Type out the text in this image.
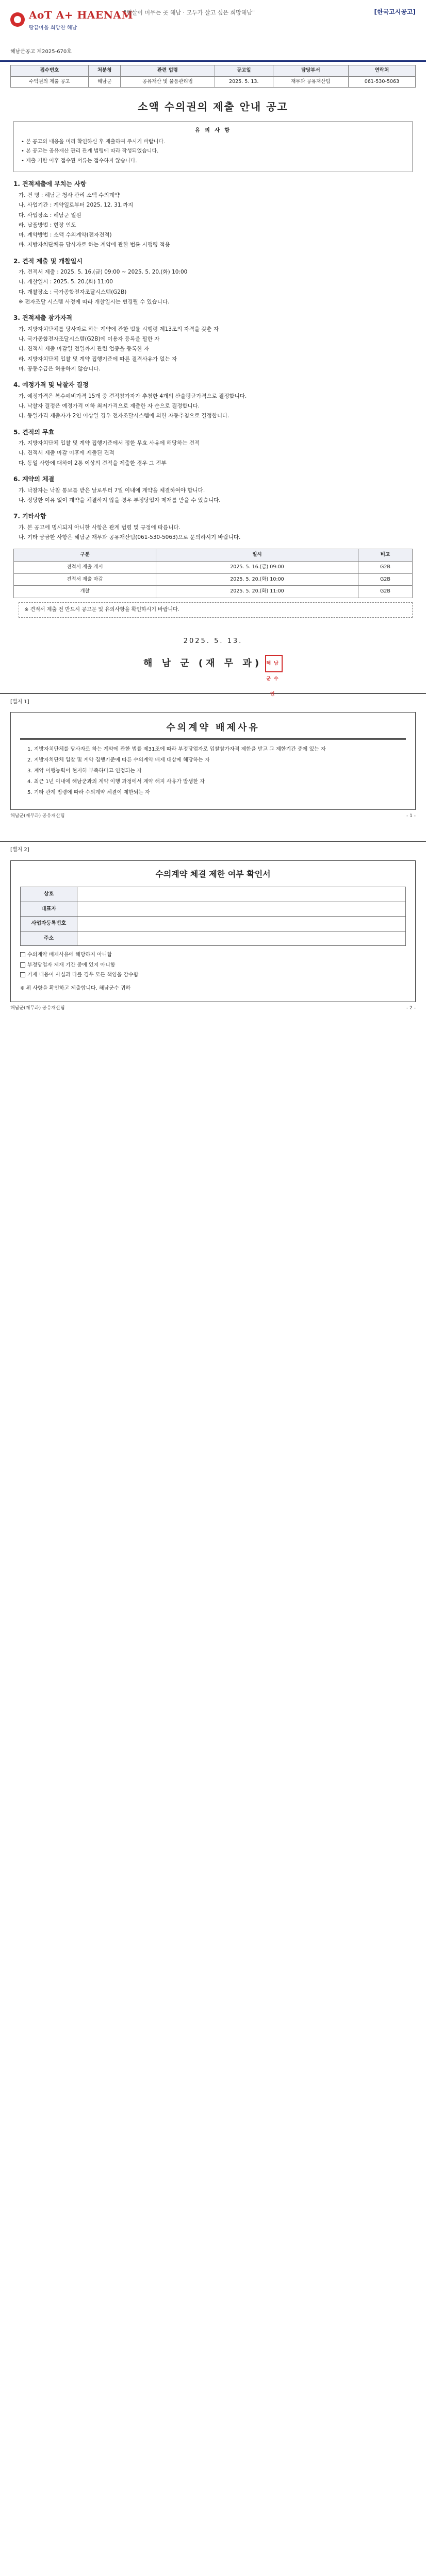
AoT A+ HAENAM
땅끝마을 희망찬 해남
"햇살이 머무는 곳 해남 · 모두가 살고 싶은 희망해남"	[한국고시공고]
해남군공고 제2025-670호
접수번호	처분청	관련 법령	공고일	담당부서	연락처
수익권의 제출 공고	해남군	공유재산 및 물품관리법	2025. 5. 13.	재무과 공유재산팀	061-530-5063
소액 수의권의 제출 안내 공고
유 의 사 항
• 본 공고의 내용을 미리 확인하신 후 제출하여 주시기 바랍니다.
• 본 공고는 공유재산 관리 관계 법령에 따라 작성되었습니다.
• 제출 기한 이후 접수된 서류는 접수하지 않습니다.
1. 견적제출에 부치는 사항

가. 건 명 : 해남군 청사 관리 소액 수의계약

나. 사업기간 : 계약일로부터 2025. 12. 31.까지

다. 사업장소 : 해남군 일원

라. 납품방법 : 현장 인도

마. 계약방법 : 소액 수의계약(전자견적)

바. 지방자치단체를 당사자로 하는 계약에 관한 법률 시행령 적용

2. 견적 제출 및 개찰일시

가. 견적서 제출 : 2025. 5. 16.(금) 09:00 ~ 2025. 5. 20.(화) 10:00

나. 개찰일시 : 2025. 5. 20.(화) 11:00

다. 개찰장소 : 국가종합전자조달시스템(G2B)

※ 전자조달 시스템 사정에 따라 개찰일시는 변경될 수 있습니다.

3. 견적제출 참가자격

가. 지방자치단체를 당사자로 하는 계약에 관한 법률 시행령 제13조의 자격을 갖춘 자

나. 국가종합전자조달시스템(G2B)에 이용자 등록을 필한 자

다. 견적서 제출 마감일 전일까지 관련 업종을 등록한 자

라. 지방자치단체 입찰 및 계약 집행기준에 따른 결격사유가 없는 자

마. 공동수급은 허용하지 않습니다.

4. 예정가격 및 낙찰자 결정

가. 예정가격은 복수예비가격 15개 중 견적참가자가 추첨한 4개의 산술평균가격으로 결정합니다.

나. 낙찰자 결정은 예정가격 이하 최저가격으로 제출한 자 순으로 결정합니다.

다. 동일가격 제출자가 2인 이상일 경우 전자조달시스템에 의한 자동추첨으로 결정합니다.

5. 견적의 무효

가. 지방자치단체 입찰 및 계약 집행기준에서 정한 무효 사유에 해당하는 견적

나. 견적서 제출 마감 이후에 제출된 견적

다. 동일 사항에 대하여 2통 이상의 견적을 제출한 경우 그 전부

6. 계약의 체결

가. 낙찰자는 낙찰 통보를 받은 날로부터 7일 이내에 계약을 체결하여야 합니다.

나. 정당한 이유 없이 계약을 체결하지 않을 경우 부정당업자 제재를 받을 수 있습니다.

7. 기타사항

가. 본 공고에 명시되지 아니한 사항은 관계 법령 및 규정에 따릅니다.

나. 기타 궁금한 사항은 해남군 재무과 공유재산팀(061-530-5063)으로 문의하시기 바랍니다.

구분	일시	비고
견적서 제출 개시	2025. 5. 16.(금) 09:00	G2B
견적서 제출 마감	2025. 5. 20.(화) 10:00	G2B
개찰	2025. 5. 20.(화) 11:00	G2B
※ 견적서 제출 전 반드시 공고문 및 유의사항을 확인하시기 바랍니다.
2025. 5. 13.
해 남 군 (재 무 과) 해남군수인
[별지 1]
수의계약 배제사유

1. 지방자치단체를 당사자로 하는 계약에 관한 법률 제31조에 따라 부정당업자로 입찰참가자격 제한을 받고 그 제한기간 중에 있는 자

2. 지방자치단체 입찰 및 계약 집행기준에 따른 수의계약 배제 대상에 해당하는 자

3. 계약 이행능력이 현저히 부족하다고 인정되는 자

4. 최근 1년 이내에 해남군과의 계약 이행 과정에서 계약 해지 사유가 발생한 자

5. 기타 관계 법령에 따라 수의계약 체결이 제한되는 자

해남군(재무과) 공유재산팀	- 1 -
[별지 2]
수의계약 체결 제한 여부 확인서
상호	
대표자	
사업자등록번호	
주소	
수의계약 배제사유에 해당하지 아니함
부정당업자 제재 기간 중에 있지 아니함
기재 내용이 사실과 다를 경우 모든 책임을 감수함

※ 위 사항을 확인하고 제출합니다. 해남군수 귀하

해남군(재무과) 공유재산팀	- 2 -
